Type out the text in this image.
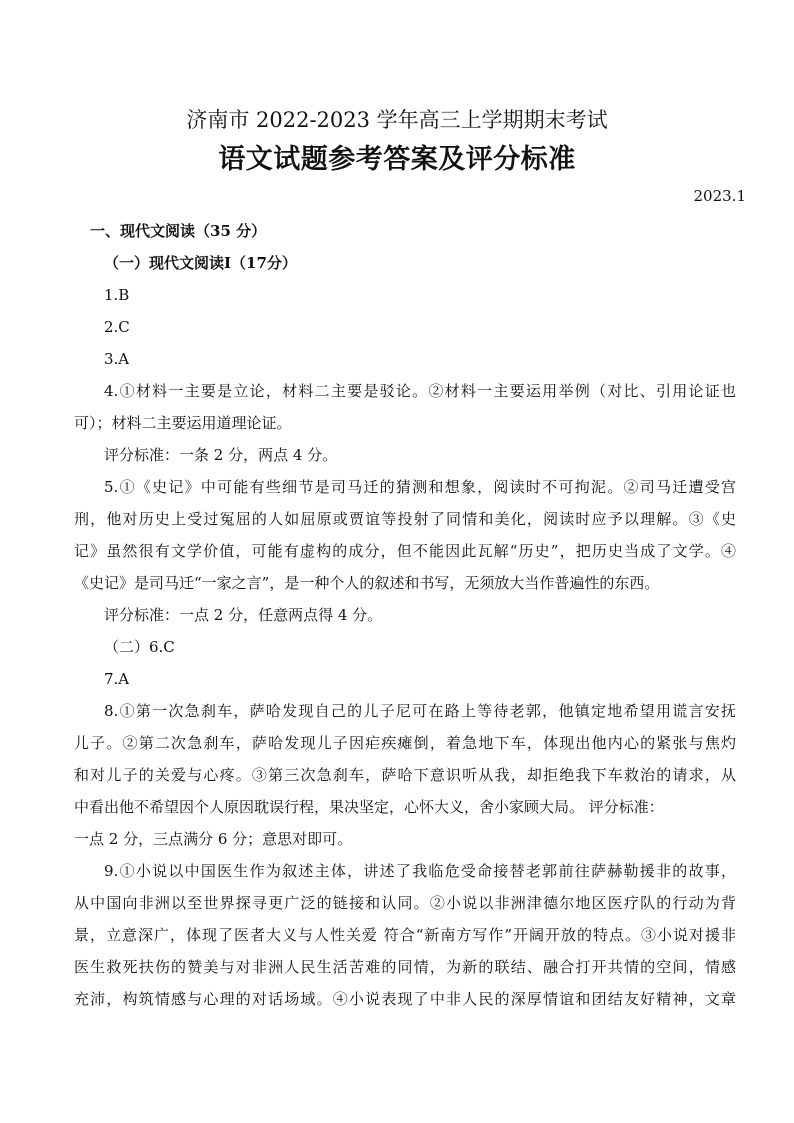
济南市 2022-2023 学年高三上学期期末考试
语文试题参考答案及评分标准
2023.1
一、现代文阅读（35 分）
（一）现代文阅读Ⅰ（17分）
1.B
2.C
3.A
4.①材料一主要是立论，材料二主要是驳论。②材料一主要运用举例（对比、引用论证也
可）；材料二主要运用道理论证。
评分标准：一条 2 分，两点 4 分。
5.①《史记》中可能有些细节是司马迁的猜测和想象，阅读时不可拘泥。②司马迁遭受宫
刑，他对历史上受过冤屈的人如屈原或贾谊等投射了同情和美化，阅读时应予以理解。③《史
记》虽然很有文学价值，可能有虚构的成分，但不能因此瓦解“历史”，把历史当成了文学。④
《史记》是司马迁“一家之言”，是一种个人的叙述和书写，无须放大当作普遍性的东西。
评分标准：一点 2 分，任意两点得 4 分。
（二）6.C
7.A
8.①第一次急刹车，萨哈发现自己的儿子尼可在路上等待老郭，他镇定地希望用谎言安抚
儿子。②第二次急刹车，萨哈发现儿子因疟疾瘫倒，着急地下车，体现出他内心的紧张与焦灼
和对儿子的关爱与心疼。③第三次急刹车，萨哈下意识听从我，却拒绝我下车救治的请求，从
中看出他不希望因个人原因耽误行程，果决坚定，心怀大义，舍小家顾大局。 评分标准：
一点 2 分，三点满分 6 分；意思对即可。
9.①小说以中国医生作为叙述主体，讲述了我临危受命接替老郭前往萨赫勒援非的故事，
从中国向非洲以至世界探寻更广泛的链接和认同。②小说以非洲津德尔地区医疗队的行动为背
景，立意深广，体现了医者大义与人性关爱 符合“新南方写作”开阔开放的特点。③小说对援非
医生救死扶伤的赞美与对非洲人民生活苦难的同情，为新的联结、融合打开共情的空间，情感
充沛，构筑情感与心理的对话场域。④小说表现了中非人民的深厚情谊和团结友好精神，文章
